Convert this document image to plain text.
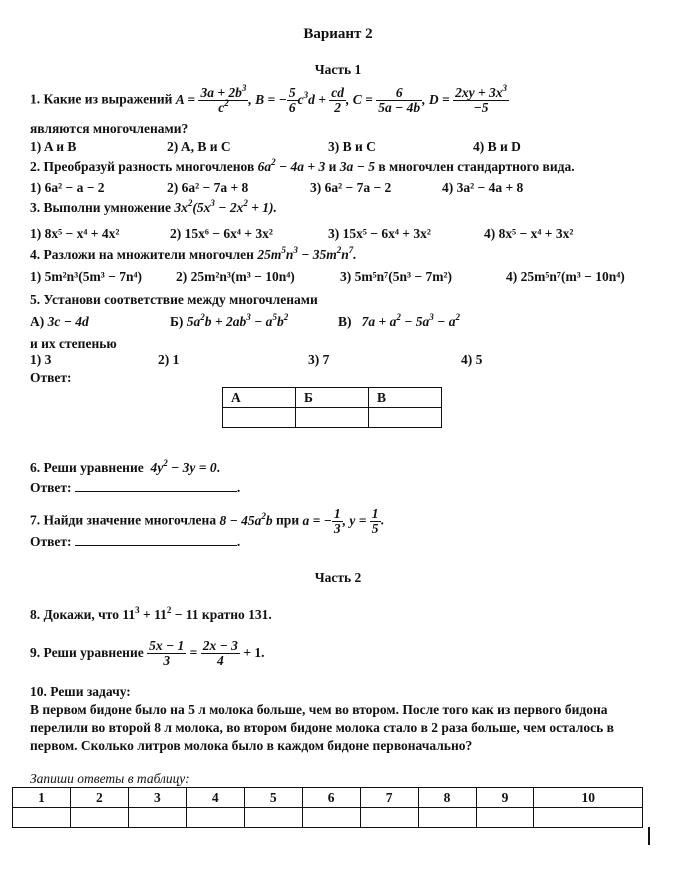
Вариант 2
Часть 1
1. Какие из выражений $A = \frac{3a + 2b^3}{c^2}$ , B = − $\frac{5}{6} c^3d + \frac{cd}{2}$ , $C = \frac{6}{5a - 4b}$ , $D = \frac{2xy + 3x^3}{-5}$
являются многочленами?
1) A и B	2) A, B и C	3) B и C	4) B и D
2. Преобразуй разность многочленов $6a^2 - 4a + 3$ и 3a − 5 в многочлен стандартного вида.
1) 6a² − a − 2	2) 6a² − 7a + 8	3) 6a² − 7a − 2	4) 3a² − 4a + 8
3. Выполни умножение $3x^2(5x^3 - 2x^2 + 1)$.
1) 8x⁵ − x⁴ + 4x²	2) 15x⁶ − 6x⁴ + 3x²	3) 15x⁵ − 6x⁴ + 3x²	4) 8x⁵ − x⁴ + 3x²
4. Разложи на множители многочлен $25m^5n^3 - 35m^2n^7$.
1) 5m²n³(5m³ − 7n⁴)	2) 25m²n³(m³ − 10n⁴)	3) 5m⁵n⁷(5n³ − 7m²)	4) 25m⁵n⁷(m³ − 10n⁴)
5. Установи соответствие между многочленами
А) 3c − 4d	Б) $5a^2b + 2ab^3 - a^5b^2$	В) $7a + a^2 - 5a^3 - a^2$
и их степенью
1) 3	2) 1	3) 7	4) 5
Ответ:
А	Б	В

6. Реши уравнение $4y^2 - 3y = 0$.
Ответ:	.
7. Найди значение многочлена $8 - 45a^2b$ при a = − $\frac{1}{3}$ , $y = \frac{1}{5}$ .
Ответ:	.
Часть 2
8. Докажи, что $11^3 + 11^2 - 11$ кратно 131.
9. Реши уравнение $\frac{5x - 1}{3} = \frac{2x - 3}{4} + 1$.
10. Реши задачу:
В первом бидоне было на 5 л молока больше, чем во втором. После того как из первого бидона
перелили во второй 8 л молока, во втором бидоне молока стало в 2 раза больше, чем осталось в
первом. Сколько литров молока было в каждом бидоне первоначально?
Запиши ответы в таблицу:
1	2	3	4	5	6	7	8	9	10
